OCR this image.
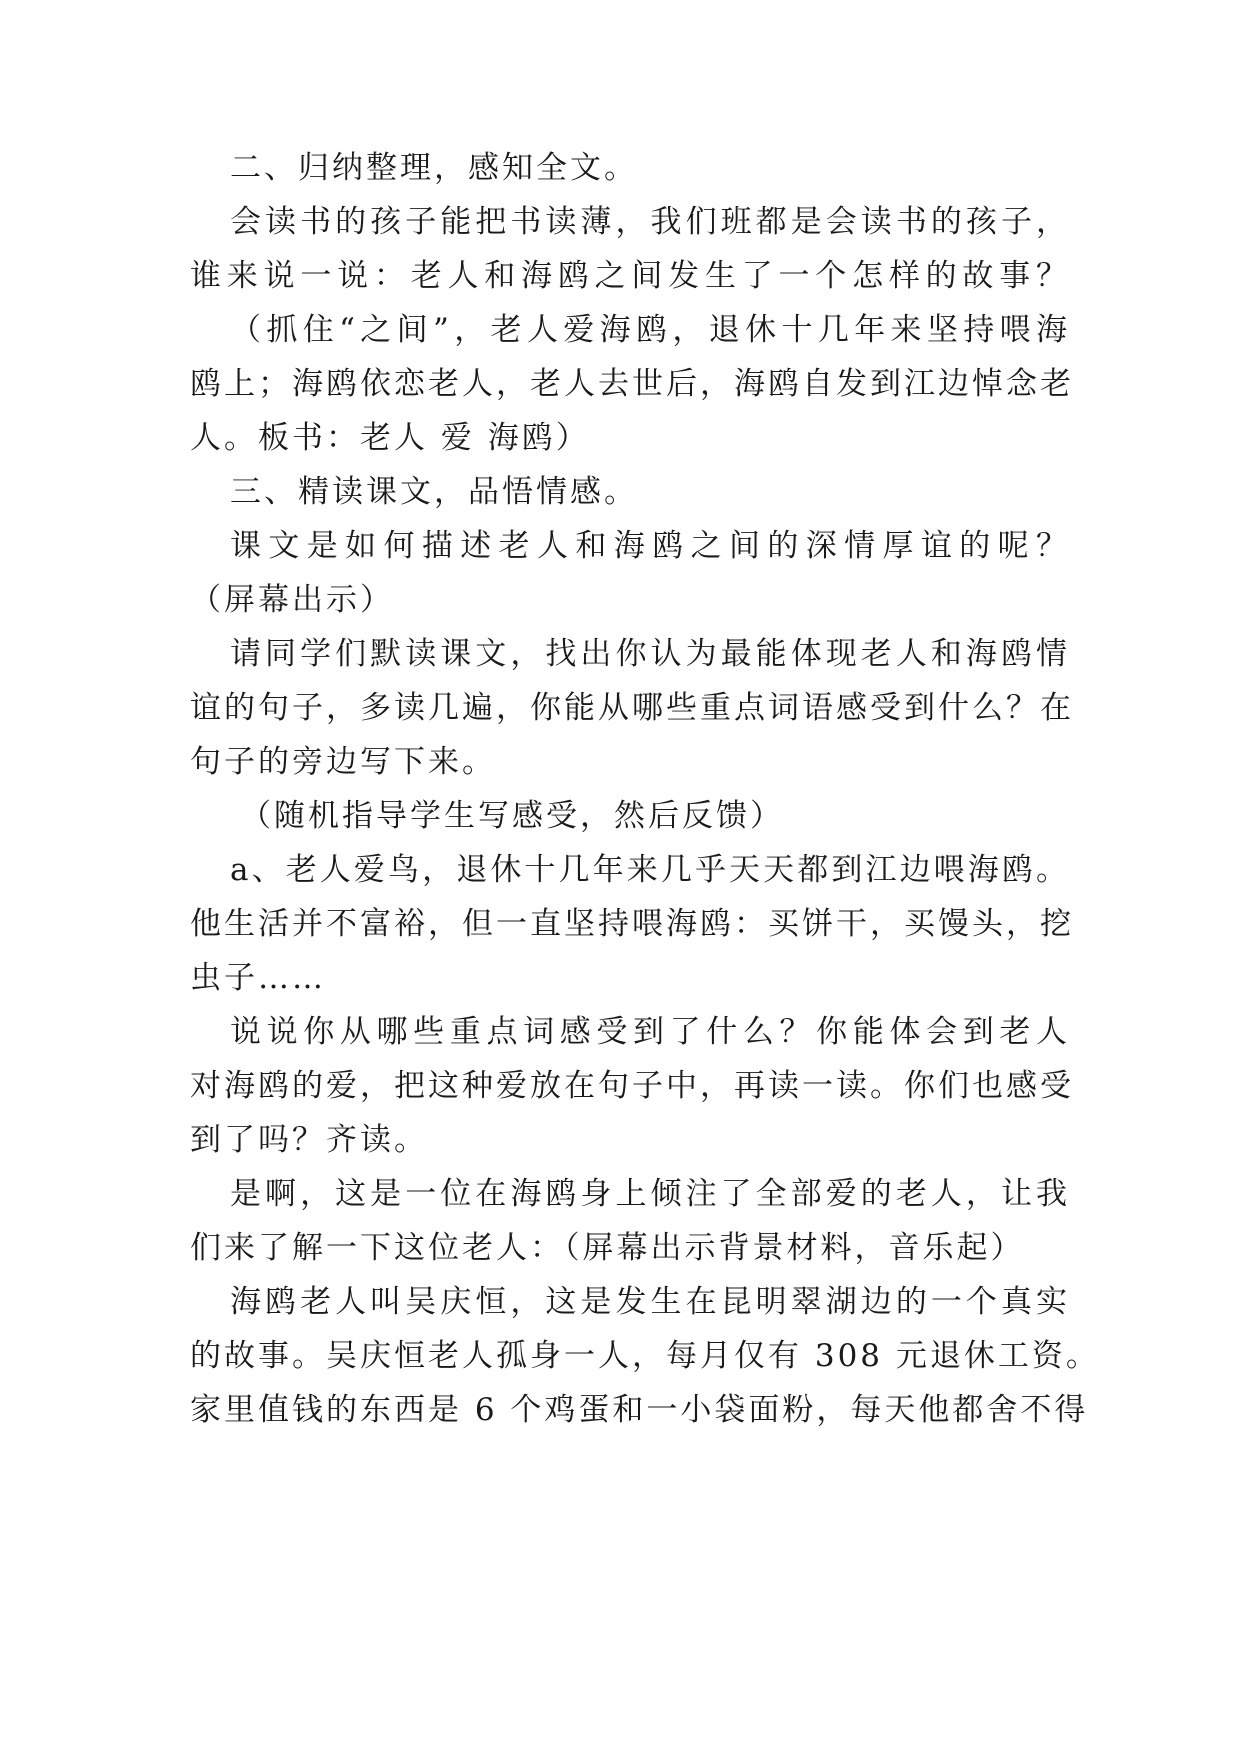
二、归纳整理，感知全文。
会读书的孩子能把书读薄，我们班都是会读书的孩子，
谁来说一说：老人和海鸥之间发生了一个怎样的故事？
（抓住“之间”，老人爱海鸥，退休十几年来坚持喂海
鸥上；海鸥依恋老人，老人去世后，海鸥自发到江边悼念老
人。板书：老人 爱 海鸥）
三、精读课文，品悟情感。
课文是如何描述老人和海鸥之间的深情厚谊的呢？
（屏幕出示）
请同学们默读课文，找出你认为最能体现老人和海鸥情
谊的句子，多读几遍，你能从哪些重点词语感受到什么？在
句子的旁边写下来。
（随机指导学生写感受，然后反馈）
a、老人爱鸟，退休十几年来几乎天天都到江边喂海鸥。
他生活并不富裕，但一直坚持喂海鸥：买饼干，买馒头，挖
虫子……
说说你从哪些重点词感受到了什么？你能体会到老人
对海鸥的爱，把这种爱放在句子中，再读一读。你们也感受
到了吗？齐读。
是啊，这是一位在海鸥身上倾注了全部爱的老人，让我
们来了解一下这位老人：（屏幕出示背景材料，音乐起）
海鸥老人叫吴庆恒，这是发生在昆明翠湖边的一个真实
的故事。吴庆恒老人孤身一人，每月仅有 308 元退休工资。
家里值钱的东西是 6 个鸡蛋和一小袋面粉，每天他都舍不得
